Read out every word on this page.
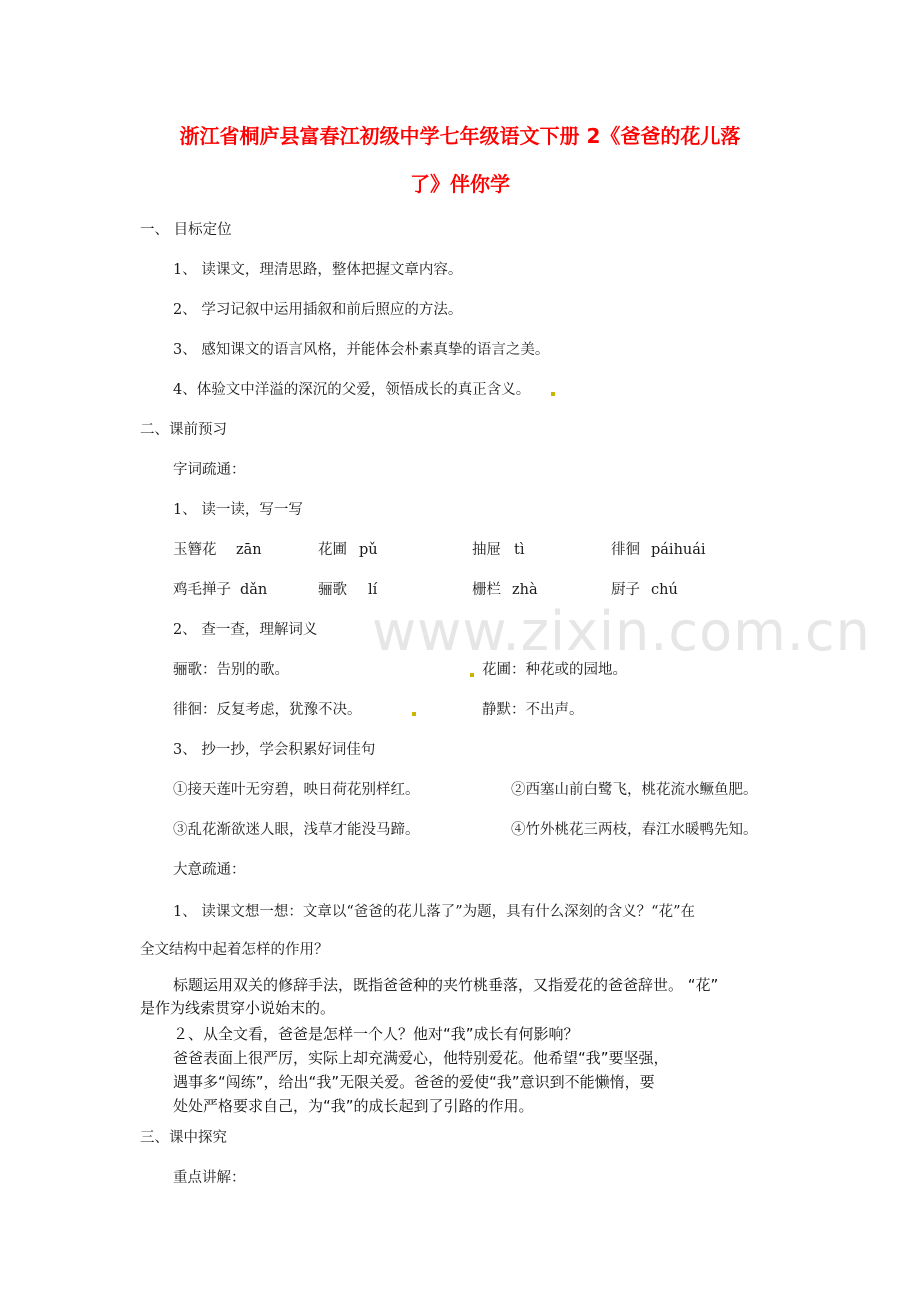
www.zixin.com.cn
浙江省桐庐县富春江初级中学七年级语文下册 2《爸爸的花儿落
了》伴你学
一、 目标定位
1、 读课文，理清思路，整体把握文章内容。
2、 学习记叙中运用插叙和前后照应的方法。
3、 感知课文的语言风格，并能体会朴素真挚的语言之美。
4、体验文中洋溢的深沉的父爱，领悟成长的真正含义。
二、课前预习
字词疏通：
1、 读一读，写一写
玉簪花 zān	花圃 pǔ	抽屉 tì	徘徊 páihuái
鸡毛掸子 dǎn	骊歌 lí	栅栏 zhà	厨子 chú
2、 查一查，理解词义
骊歌：告别的歌。	花圃：种花或的园地。
徘徊：反复考虑，犹豫不决。	静默：不出声。
3、 抄一抄，学会积累好词佳句
①接天莲叶无穷碧，映日荷花别样红。	②西塞山前白鹭飞，桃花流水鳜鱼肥。
③乱花渐欲迷人眼，浅草才能没马蹄。	④竹外桃花三两枝，春江水暖鸭先知。
大意疏通：
1、 读课文想一想：文章以“爸爸的花儿落了”为题，具有什么深刻的含义？“花”在
全文结构中起着怎样的作用？
标题运用双关的修辞手法，既指爸爸种的夹竹桃垂落，又指爱花的爸爸辞世。 “花”
是作为线索贯穿小说始末的。
２、从全文看，爸爸是怎样一个人？他对“我”成长有何影响？
爸爸表面上很严厉，实际上却充满爱心，他特别爱花。他希望“我”要坚强，
遇事多“闯练”，给出“我”无限关爱。爸爸的爱使“我”意识到不能懒惰，要
处处严格要求自己，为“我”的成长起到了引路的作用。
三、课中探究
重点讲解：
